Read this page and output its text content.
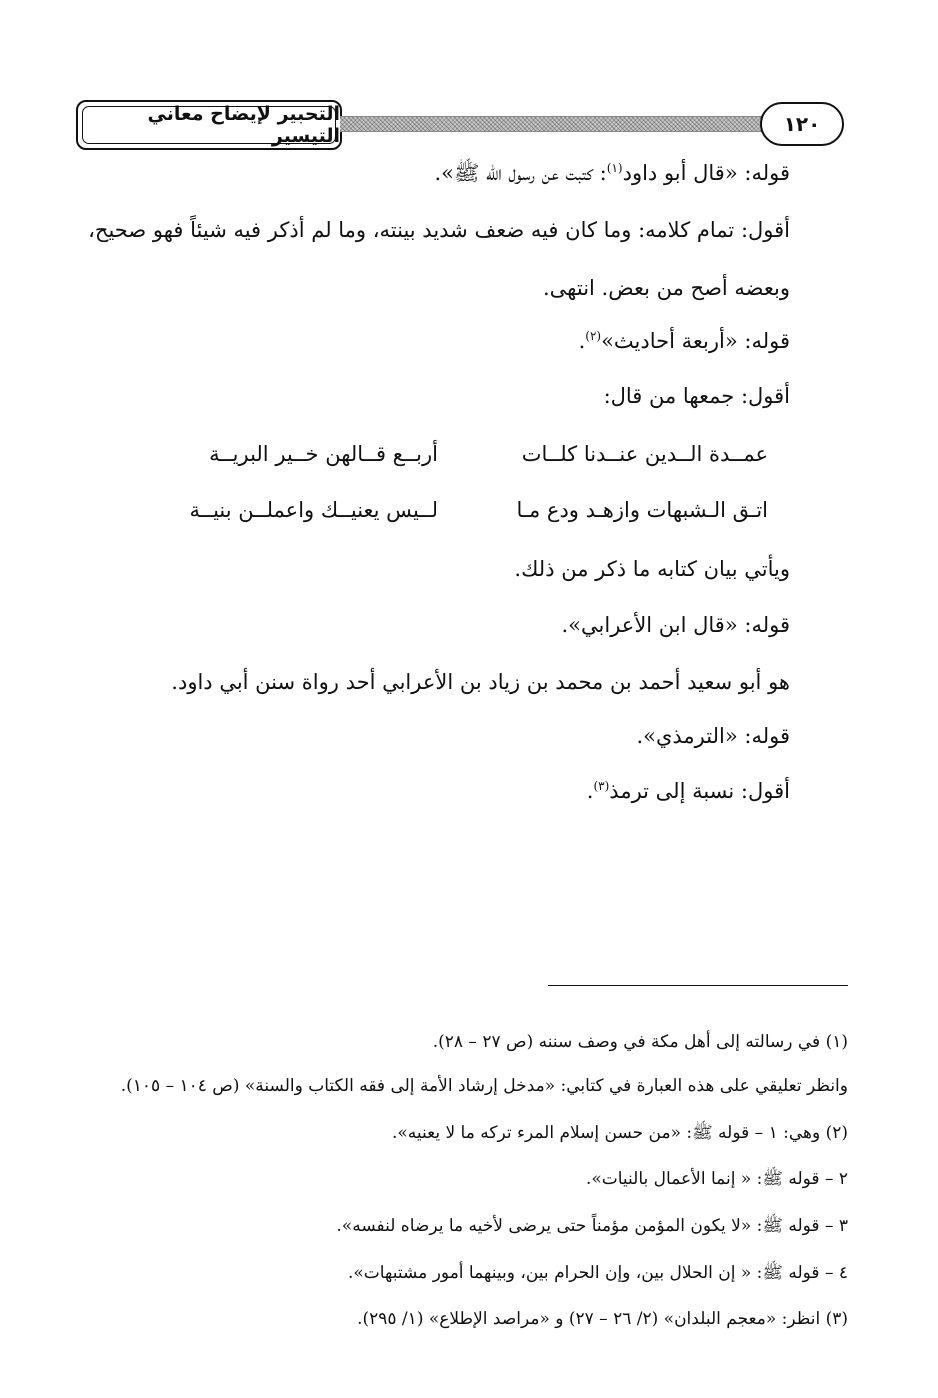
التحبير لإيضاح معاني التيسير	١٢٠
قوله: «قال أبو داود$^{(١)}$: كتبت عن رسول الله ﷺ».
أقول: تمام كلامه: وما كان فيه ضعف شديد بينته، وما لم أذكر فيه شيئاً فهو صحيح،
وبعضه أصح من بعض. انتهى.
قوله: «أربعة أحاديث»$^{(٢)}$.
أقول: جمعها من قال:
عمــدة الــدين عنــدنا كلــات
أربــع قــالهن خــير البريــة
اتـق الـشبهات وازهـد ودع مـا
لــيس يعنيــك واعملــن بنيــة
ويأتي بيان كتابه ما ذكر من ذلك.
قوله: «قال ابن الأعرابي».
هو أبو سعيد أحمد بن محمد بن زياد بن الأعرابي أحد رواة سنن أبي داود.
قوله: «الترمذي».
أقول: نسبة إلى ترمذ$^{(٣)}$.
(١) في رسالته إلى أهل مكة في وصف سننه (ص ٢٧ – ٢٨).
وانظر تعليقي على هذه العبارة في كتابي: «مدخل إرشاد الأمة إلى فقه الكتاب والسنة» (ص ١٠٤ – ١٠٥).
(٢) وهي: ١ – قوله ﷺ: «من حسن إسلام المرء تركه ما لا يعنيه».
٢ – قوله ﷺ: « إنما الأعمال بالنيات».
٣ – قوله ﷺ: «لا يكون المؤمن مؤمناً حتى يرضى لأخيه ما يرضاه لنفسه».
٤ – قوله ﷺ: « إن الحلال بين، وإن الحرام بين، وبينهما أمور مشتبهات».
(٣) انظر: «معجم البلدان» (٢/ ٢٦ – ٢٧) و «مراصد الإطلاع» (١/ ٢٩٥).
